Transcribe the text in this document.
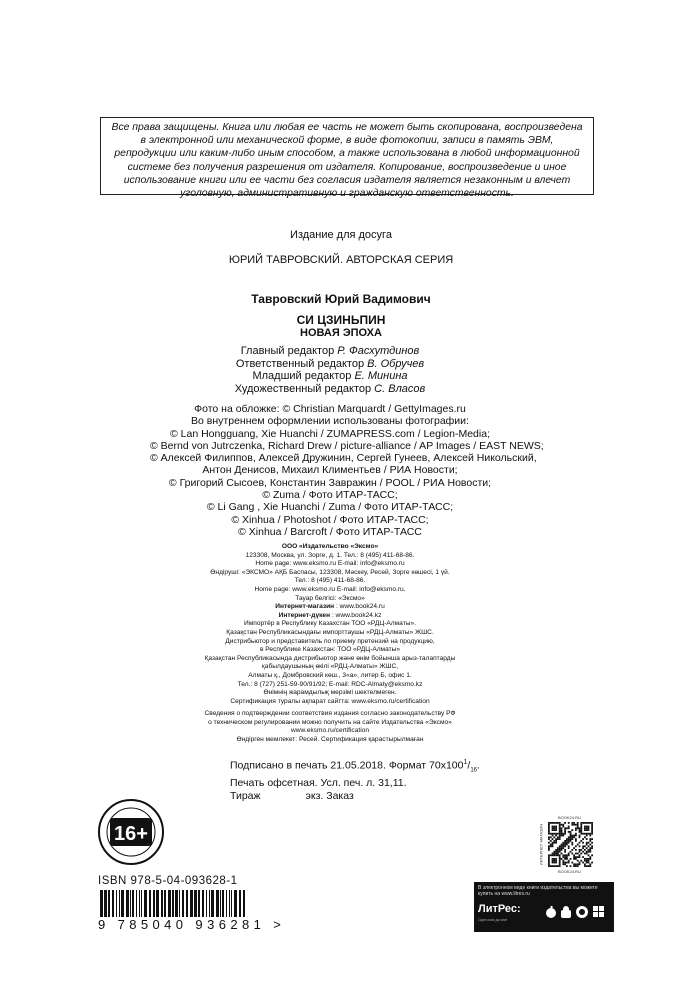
Все права защищены. Книга или любая ее часть не может быть скопирована, воспроизведена в электронной или механической форме, в виде фотокопии, записи в память ЭВМ, репродукции или каким-либо иным способом, а также использована в любой информационной системе без получения разрешения от издателя. Копирование, воспроизведение и иное использование книги или ее части без согласия издателя является незаконным и влечет уголовную, административную и гражданскую ответственность.
Издание для досуга
ЮРИЙ ТАВРОВСКИЙ. АВТОРСКАЯ СЕРИЯ
Тавровский Юрий Вадимович
СИ ЦЗИНЬПИН
НОВАЯ ЭПОХА
Главный редактор Р. Фасхутдинов
Ответственный редактор В. Обручев
Младший редактор Е. Минина
Художественный редактор С. Власов
Фото на обложке: © Christian Marquardt / GettyImages.ru
Во внутреннем оформлении использованы фотографии:
© Lan Hongguang, Xie Huanchi / ZUMAPRESS.com / Legion-Media;
© Bernd von Jutrczenka, Richard Drew / picture-alliance / AP Images / EAST NEWS;
© Алексей Филиппов, Алексей Дружинин, Сергей Гунеев, Алексей Никольский,
Антон Денисов, Михаил Климентьев / РИА Новости;
© Григорий Сысоев, Константин Завражин / POOL / РИА Новости;
© Zuma / Фото ИТАР-ТАСС;
© Li Gang , Xie Huanchi / Zuma / Фото ИТАР-ТАСС;
© Xinhua / Photoshot / Фото ИТАР-ТАСС;
© Xinhua / Barcroft / Фото ИТАР-ТАСС
ООО «Издательство «Эксмо»
123308, Москва, ул. Зорге, д. 1. Тел.: 8 (495) 411-68-86.
Home page: www.eksmo.ru E-mail: info@eksmo.ru
Өндіруші: «ЭКСМО» АҚБ Баспасы, 123308, Мәскеу, Ресей, Зорге көшесі, 1 үй.
Тел.: 8 (495) 411-68-86.
Home page: www.eksmo.ru E-mail: info@eksmo.ru.
Тауар белгісі: «Эксмо»
Интернет-магазин : www.book24.ru
Интернет-дүкен : www.book24.kz
Импортёр в Республику Казахстан ТОО «РДЦ-Алматы».
Қазақстан Республикасындағы импорттаушы «РДЦ-Алматы» ЖШС.
Дистрибьютор и представитель по приему претензий на продукцию,
в Республике Казахстан: ТОО «РДЦ-Алматы»
Қазақстан Республикасында дистрибьютор және өнім бойынша арыз-талаптарды
қабылдаушының өкілі «РДЦ-Алматы» ЖШС,
Алматы қ., Домбровский көш., 3«а», литер Б, офис 1.
Тел.: 8 (727) 251-59-90/91/92; E-mail: RDC-Almaty@eksmo.kz
Өнімнің жарамдылық мерзімі шектелмеген.
Сертификация туралы ақпарат сайтта: www.eksmo.ru/certification
Сведения о подтверждении соответствия издания согласно законодательству РФ
о техническом регулировании можно получить на сайте Издательства «Эксмо»
www.eksmo.ru/certification
Өндірген мемлекет: Ресей. Сертификация қарастырылмаған
Подписано в печать 21.05.2018. Формат $70x100^1/_{16}$.
Печать офсетная. Усл. печ. л. 31,11.
Тираж	экз. Заказ
16+
ISBN 978-5-04-093628-1
9 785040 936281 >
BOOK24.RU
BOOK24.RU
ИНТЕРНЕТ-МАГАЗИН
В электронном виде книги издательства вы можете купить на www.litres.ru
ЛитРес:
Один клик до книг
